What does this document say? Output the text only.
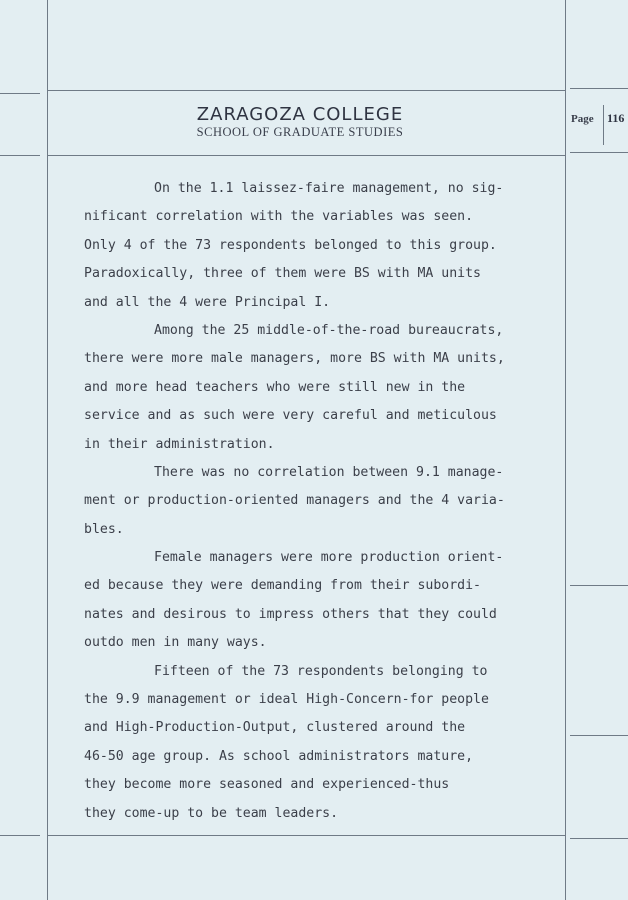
ZARAGOZA COLLEGE
SCHOOL OF GRADUATE STUDIES
Page 116
On the 1.1 laissez-faire management, no sig-
nificant correlation with the variables was seen.
Only 4 of the 73 respondents belonged to this group.
Paradoxically, three of them were BS with MA units
and all the 4 were Principal I.
Among the 25 middle-of-the-road bureaucrats,
there were more male managers, more BS with MA units,
and more head teachers who were still new in the
service and as such were very careful and meticulous
in their administration.
There was no correlation between 9.1 manage-
ment or production-oriented managers and the 4 varia-
bles.
Female managers were more production orient-
ed because they were demanding from their subordi-
nates and desirous to impress others that they could
outdo men in many ways.
Fifteen of the 73 respondents belonging to
the 9.9 management or ideal High-Concern-for people
and High-Production-Output, clustered around the
46-50 age group. As school administrators mature,
they become more seasoned and experienced-thus
they come-up to be team leaders.
